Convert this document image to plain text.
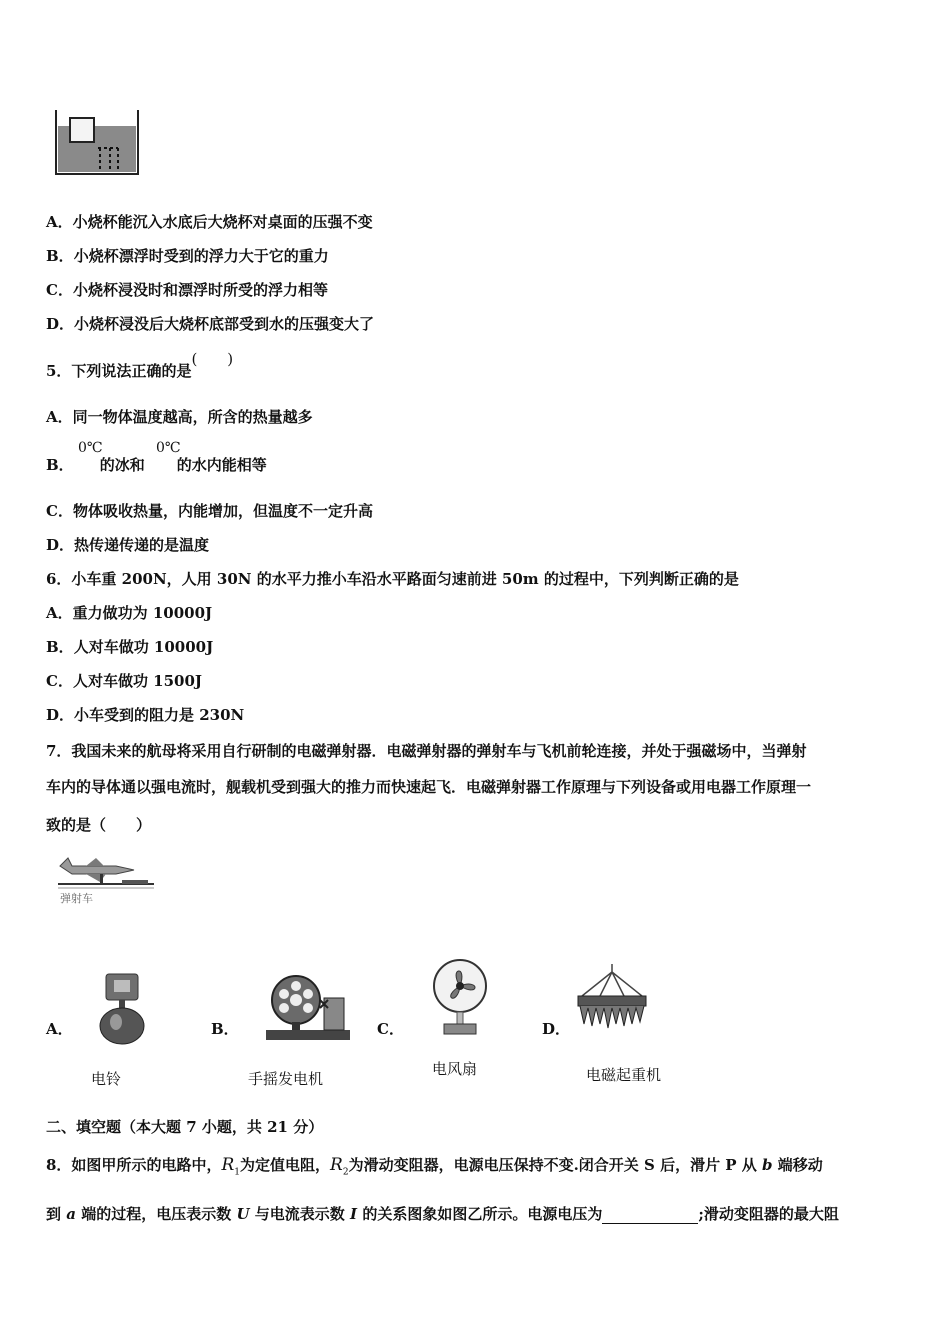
A．小烧杯能沉入水底后大烧杯对桌面的压强不变
B．小烧杯漂浮时受到的浮力大于它的重力
C．小烧杯浸没时和漂浮时所受的浮力相等
D．小烧杯浸没后大烧杯底部受到水的压强变大了
5．下列说法正确的是(　　)
A．同一物体温度越高，所含的热量越多
B． 的冰和 的水内能相等
0℃	0℃
C．物体吸收热量，内能增加，但温度不一定升高
D．热传递传递的是温度
6．小车重 200N，人用 30N 的水平力推小车沿水平路面匀速前进 50m 的过程中，下列判断正确的是
A．重力做功为 10000J
B．人对车做功 10000J
C．人对车做功 1500J
D．小车受到的阻力是 230N
7．我国未来的航母将采用自行研制的电磁弹射器．电磁弹射器的弹射车与飞机前轮连接，并处于强磁场中，当弹射
车内的导体通以强电流时，舰载机受到强大的推力而快速起飞．电磁弹射器工作原理与下列设备或用电器工作原理一
致的是（　　）
弹射车
A．
电铃
B．
手摇发电机
C．
电风扇
D．
电磁起重机
二、填空题（本大题 7 小题，共 21 分）
8．如图甲所示的电路中，$R_1$为定值电阻，$R_2$为滑动变阻器，电源电压保持不变.闭合开关 S 后，滑片 P 从 b 端移动
到 a 端的过程，电压表示数 U 与电流表示数 I 的关系图象如图乙所示。电源电压为	;滑动变阻器的最大阻
